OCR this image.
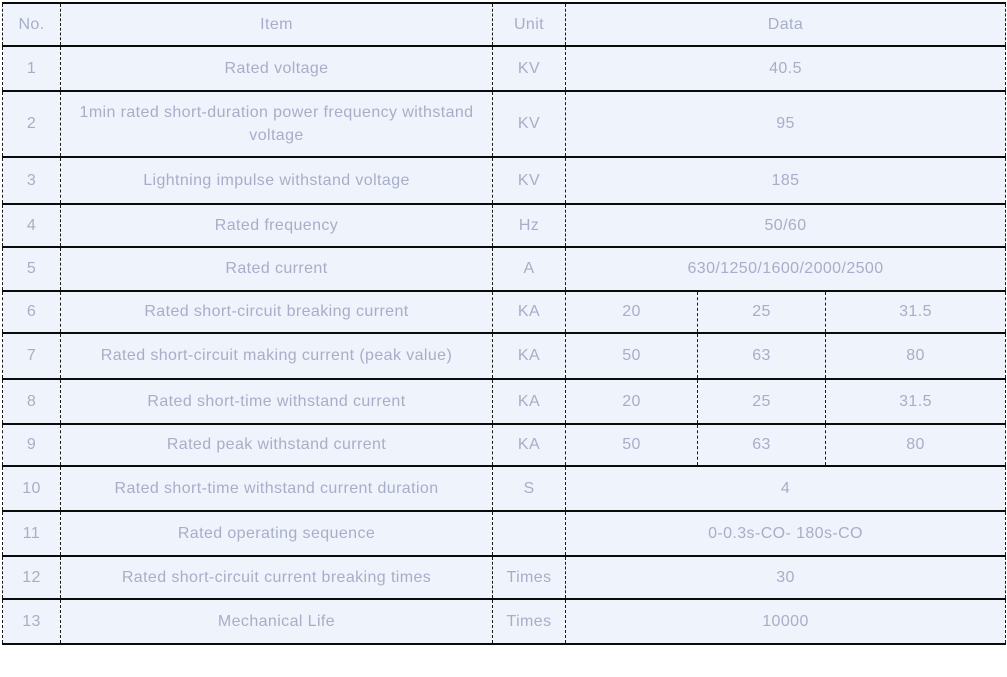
No.	Item	Unit	Data		
1	Rated voltage	KV	40.5		
2	1min rated short-duration power frequency withstand voltage	KV	95		
3	Lightning impulse withstand voltage	KV	185		
4	Rated frequency	Hz	50/60		
5	Rated current	A	630/1250/1600/2000/2500		
6	Rated short-circuit breaking current	KA	20	25	31.5
7	Rated short-circuit making current (peak value)	KA	50	63	80
8	Rated short-time withstand current	KA	20	25	31.5
9	Rated peak withstand current	KA	50	63	80
10	Rated short-time withstand current duration	S	4		
11	Rated operating sequence		0-0.3s-CO- 180s-CO		
12	Rated short-circuit current breaking times	Times	30		
13	Mechanical Life	Times	10000		
